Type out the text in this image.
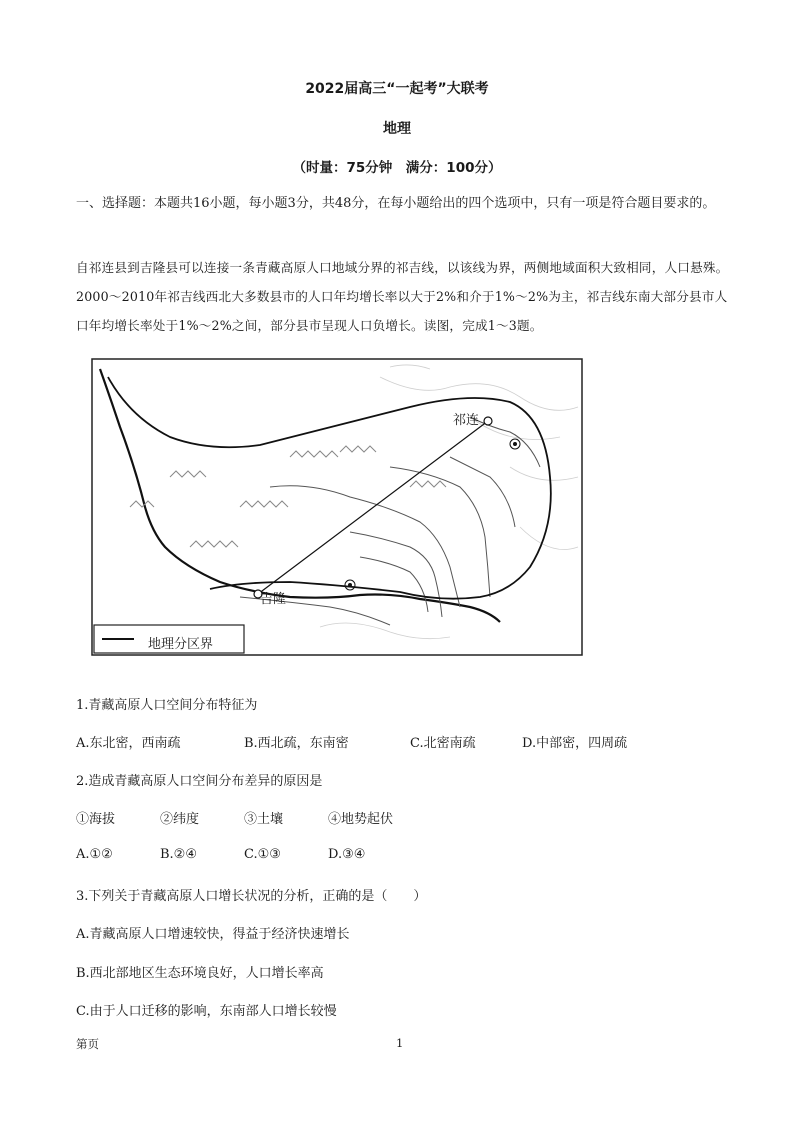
2022届高三“一起考”大联考
地理
（时量：75分钟　满分：100分）
一、选择题：本题共16小题，每小题3分，共48分，在每小题给出的四个选项中，只有一项是符合题目要求的。
自祁连县到吉隆县可以连接一条青藏高原人口地域分界的祁吉线，以该线为界，两侧地域面积大致相同，人口悬殊。2000～2010年祁吉线西北大多数县市的人口年均增长率以大于2%和介于1%～2%为主，祁吉线东南大部分县市人口年均增长率处于1%～2%之间，部分县市呈现人口负增长。读图，完成1～3题。
祁连
吉隆
地理分区界
1.青藏高原人口空间分布特征为
A.东北密，西南疏	B.西北疏，东南密	C.北密南疏	D.中部密，四周疏
2.造成青藏高原人口空间分布差异的原因是
①海拔	②纬度	③土壤	④地势起伏
A.①②	B.②④	C.①③	D.③④
3.下列关于青藏高原人口增长状况的分析，正确的是（　　）
A.青藏高原人口增速较快，得益于经济快速增长
B.西北部地区生态环境良好，人口增长率高
C.由于人口迁移的影响，东南部人口增长较慢
第页	1
